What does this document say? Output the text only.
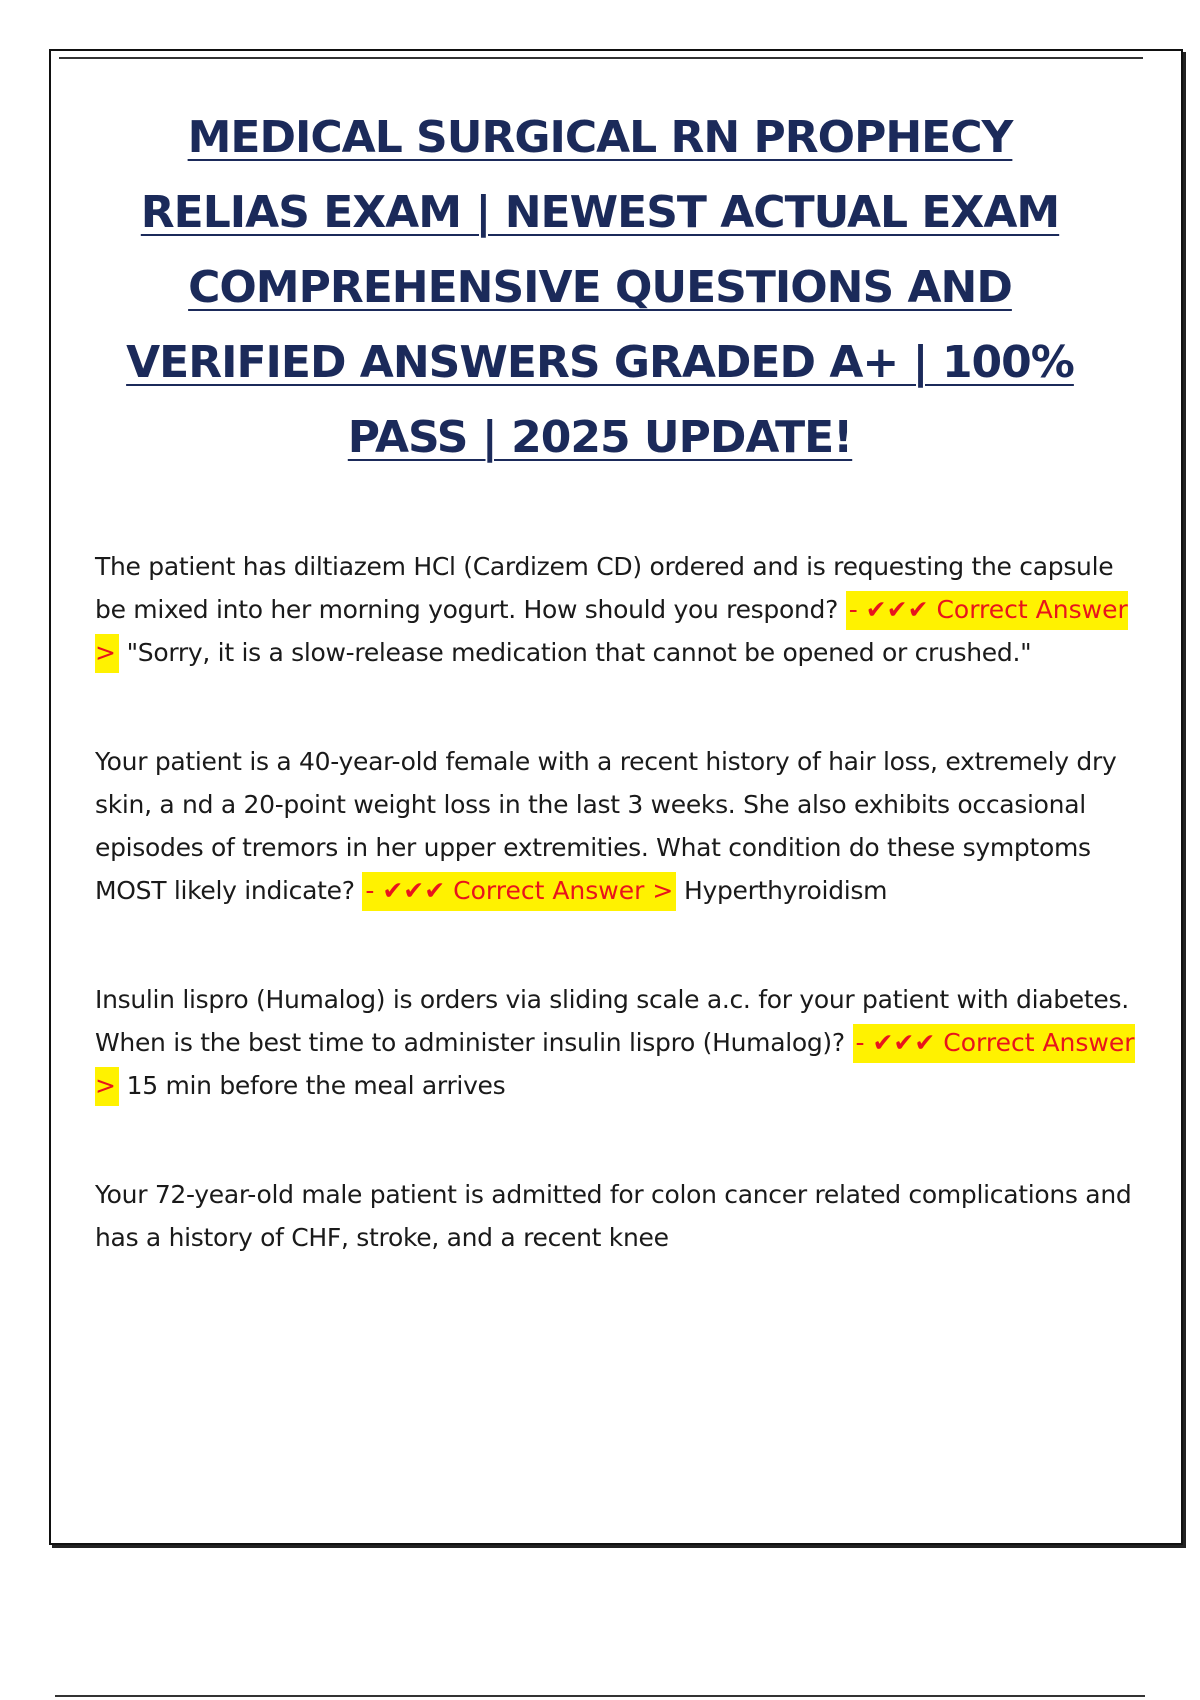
MEDICAL SURGICAL RN PROPHECY
RELIAS EXAM | NEWEST ACTUAL EXAM
COMPREHENSIVE QUESTIONS AND
VERIFIED ANSWERS GRADED A+ | 100%
PASS | 2025 UPDATE!

The patient has diltiazem HCl (Cardizem CD) ordered and is requesting the capsule be mixed into her morning yogurt. How should you respond? - ✔✔✔ Correct Answer > "Sorry, it is a slow-release medication that cannot be opened or crushed."

Your patient is a 40-year-old female with a recent history of hair loss, extremely dry skin, a nd a 20-point weight loss in the last 3 weeks. She also exhibits occasional episodes of tremors in her upper extremities. What condition do these symptoms MOST likely indicate? - ✔✔✔ Correct Answer > Hyperthyroidism

Insulin lispro (Humalog) is orders via sliding scale a.c. for your patient with diabetes. When is the best time to administer insulin lispro (Humalog)? - ✔✔✔ Correct Answer > 15 min before the meal arrives

Your 72-year-old male patient is admitted for colon cancer related complications and has a history of CHF, stroke, and a recent knee
